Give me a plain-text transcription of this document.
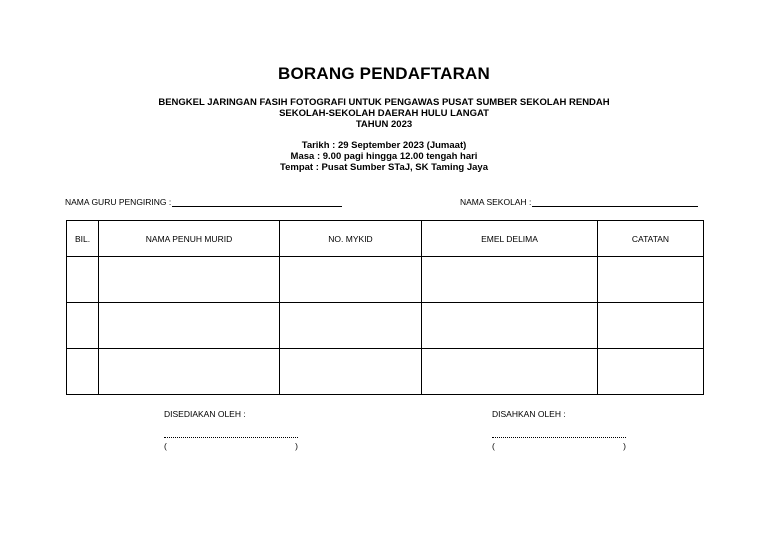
BORANG PENDAFTARAN
BENGKEL JARINGAN FASIH FOTOGRAFI UNTUK PENGAWAS PUSAT SUMBER SEKOLAH RENDAH
SEKOLAH-SEKOLAH DAERAH HULU LANGAT
TAHUN 2023
Tarikh : 29 September 2023 (Jumaat)
Masa : 9.00 pagi hingga 12.00 tengah hari
Tempat : Pusat Sumber STaJ, SK Taming Jaya
NAMA GURU PENGIRING :	NAMA SEKOLAH :
BIL.	NAMA PENUH MURID	NO. MYKID	EMEL DELIMA	CATATAN

DISEDIAKAN OLEH :
(	)
DISAHKAN OLEH :
(	)
